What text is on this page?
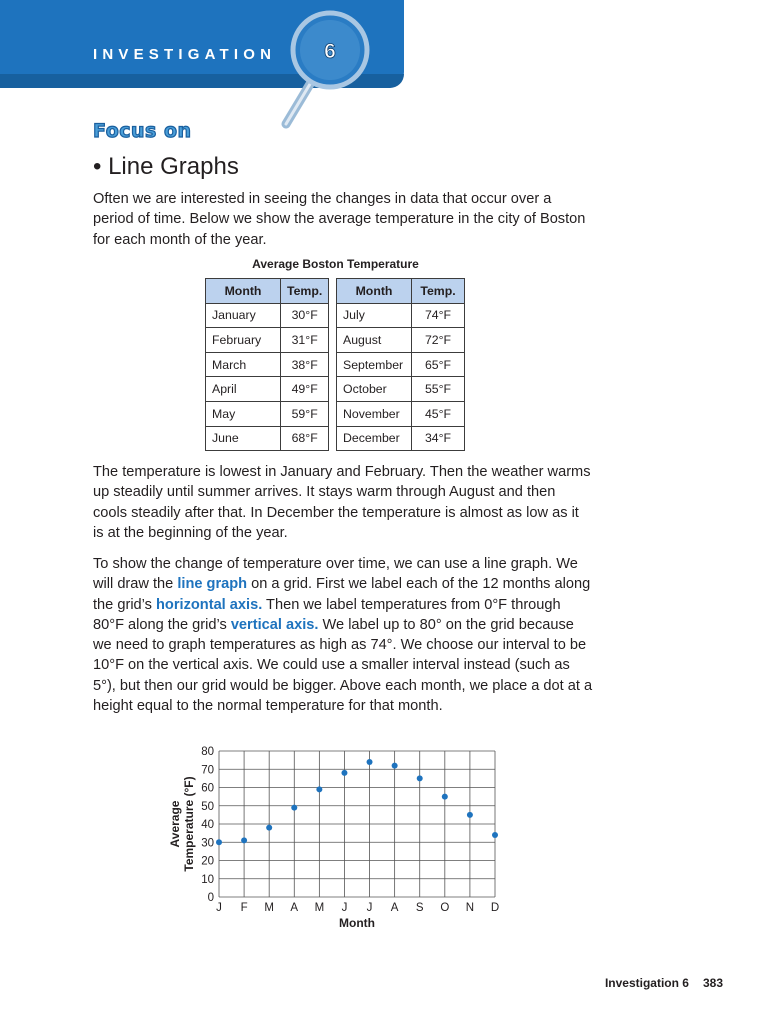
INVESTIGATION 6
Focus on
• Line Graphs

Often we are interested in seeing the changes in data that occur over a period of time. Below we show the average temperature in the city of Boston for each month of the year.

Average Boston Temperature
Month	Temp.
January	30°F
February	31°F
March	38°F
April	49°F
May	59°F
June	68°F
Month	Temp.
July	74°F
August	72°F
September	65°F
October	55°F
November	45°F
December	34°F

The temperature is lowest in January and February. Then the weather warms up steadily until summer arrives. It stays warm through August and then cools steadily after that. In December the temperature is almost as low as it is at the beginning of the year.

To show the change of temperature over time, we can use a line graph. We will draw the line graph on a grid. First we label each of the 12 months along the grid’s horizontal axis. Then we label temperatures from 0°F through 80°F along the grid’s vertical axis. We label up to 80° on the grid because we need to graph temperatures as high as 74°. We choose our interval to be 10°F on the vertical axis. We could use a smaller interval instead (such as 5°), but then our grid would be bigger. Above each month, we place a dot at a height equal to the normal temperature for that month.

0
10
20
30
40
50
60
70
80
J F M A M J J A S O N D
Month
Average Temperature (°F)
Investigation 6 383
